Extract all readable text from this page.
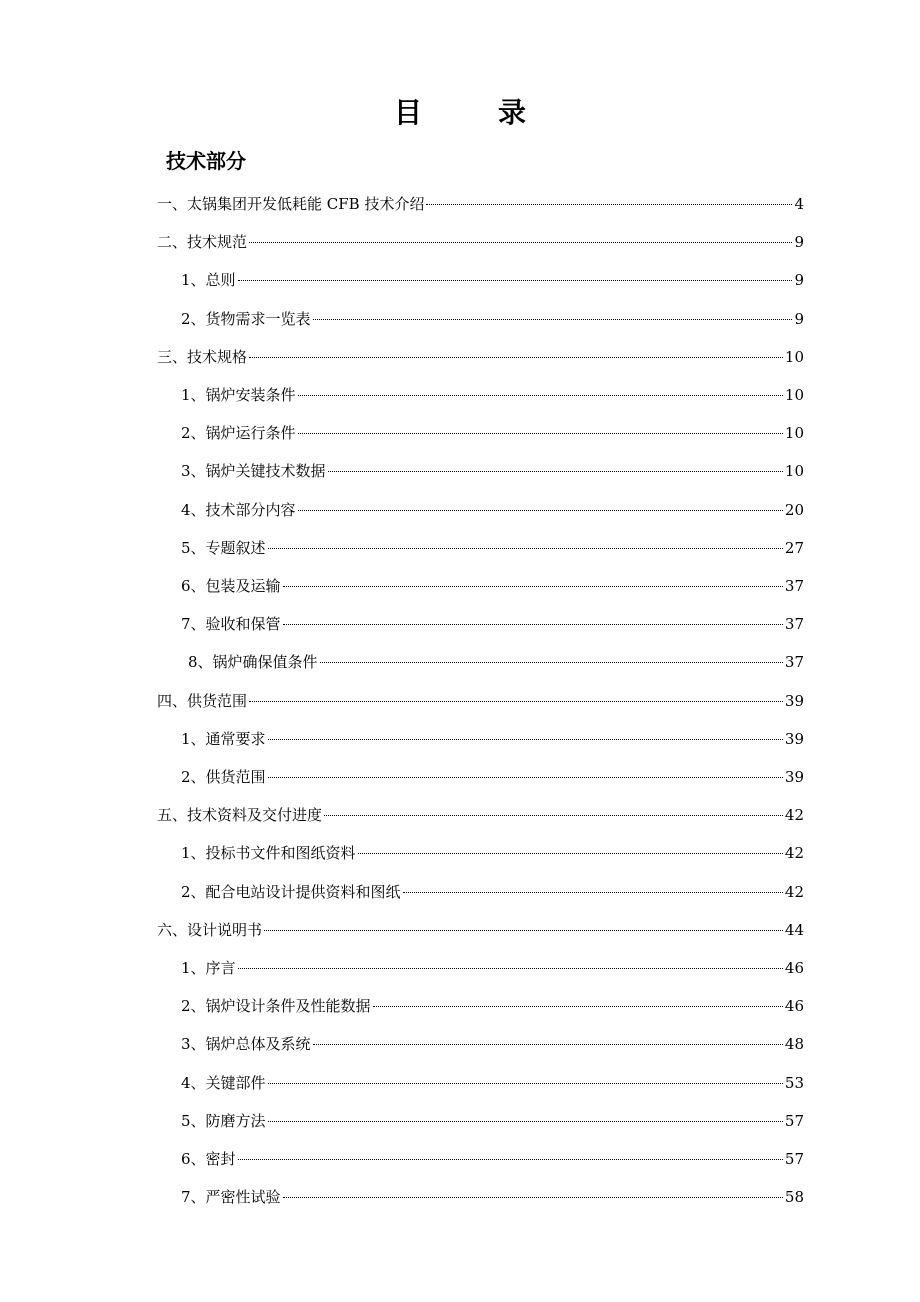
目　录
技术部分
一、太锅集团开发低耗能 CFB 技术介绍	4
二、技术规范	9
1、总则	9
2、货物需求一览表	9
三、技术规格	10
1、锅炉安装条件	10
2、锅炉运行条件	10
3、锅炉关键技术数据	10
4、技术部分内容	20
5、专题叙述	27
6、包装及运输	37
7、验收和保管	37
8、锅炉确保值条件	37
四、供货范围	39
1、通常要求	39
2、供货范围	39
五、技术资料及交付进度	42
1、投标书文件和图纸资料	42
2、配合电站设计提供资料和图纸	42
六、设计说明书	44
1、序言	46
2、锅炉设计条件及性能数据	46
3、锅炉总体及系统	48
4、关键部件	53
5、防磨方法	57
6、密封	57
7、严密性试验	58
